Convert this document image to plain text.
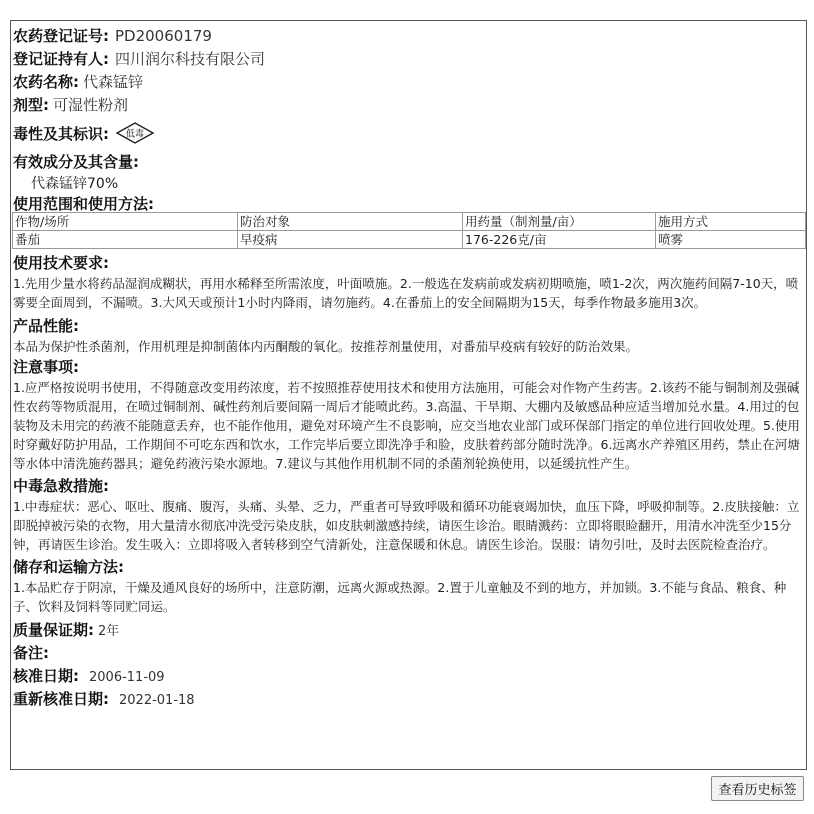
农药登记证号: PD20060179
登记证持有人: 四川润尔科技有限公司
农药名称: 代森锰锌
剂型: 可湿性粉剂
毒性及其标识: 低毒
有效成分及其含量:
代森锰锌70%
使用范围和使用方法:
作物/场所	防治对象	用药量（制剂量/亩）	施用方式
番茄	早疫病	176-226克/亩	喷雾
使用技术要求:
1.先用少量水将药品湿润成糊状，再用水稀释至所需浓度，叶面喷施。2.一般选在发病前或发病初期喷施，喷1-2次，两次施药间隔7-10天，喷雾要全面周到，不漏喷。3.大风天或预计1小时内降雨，请勿施药。4.在番茄上的安全间隔期为15天，每季作物最多施用3次。
产品性能:
本品为保护性杀菌剂，作用机理是抑制菌体内丙酮酸的氧化。按推荐剂量使用，对番茄早疫病有较好的防治效果。
注意事项:
1.应严格按说明书使用，不得随意改变用药浓度，若不按照推荐使用技术和使用方法施用，可能会对作物产生药害。2.该药不能与铜制剂及强碱性农药等物质混用，在喷过铜制剂、碱性药剂后要间隔一周后才能喷此药。3.高温、干旱期、大棚内及敏感品种应适当增加兑水量。4.用过的包装物及未用完的药液不能随意丢弃，也不能作他用，避免对环境产生不良影响，应交当地农业部门或环保部门指定的单位进行回收处理。5.使用时穿戴好防护用品，工作期间不可吃东西和饮水，工作完毕后要立即洗净手和脸，皮肤着药部分随时洗净。6.远离水产养殖区用药，禁止在河塘等水体中清洗施药器具；避免药液污染水源地。7.建议与其他作用机制不同的杀菌剂轮换使用，以延缓抗性产生。
中毒急救措施:
1.中毒症状：恶心、呕吐、腹痛、腹泻，头痛、头晕、乏力，严重者可导致呼吸和循环功能衰竭加快，血压下降，呼吸抑制等。2.皮肤接触：立即脱掉被污染的衣物，用大量清水彻底冲洗受污染皮肤，如皮肤刺激感持续，请医生诊治。眼睛溅药：立即将眼睑翻开，用清水冲洗至少15分钟，再请医生诊治。发生吸入：立即将吸入者转移到空气清新处，注意保暖和休息。请医生诊治。误服：请勿引吐，及时去医院检查治疗。
储存和运输方法:
1.本品贮存于阴凉，干燥及通风良好的场所中，注意防潮，远离火源或热源。2.置于儿童触及不到的地方，并加锁。3.不能与食品、粮食、种子、饮料及饲料等同贮同运。
质量保证期: 2年
备注:
核准日期: 2006-11-09
重新核准日期: 2022-01-18
查看历史标签
